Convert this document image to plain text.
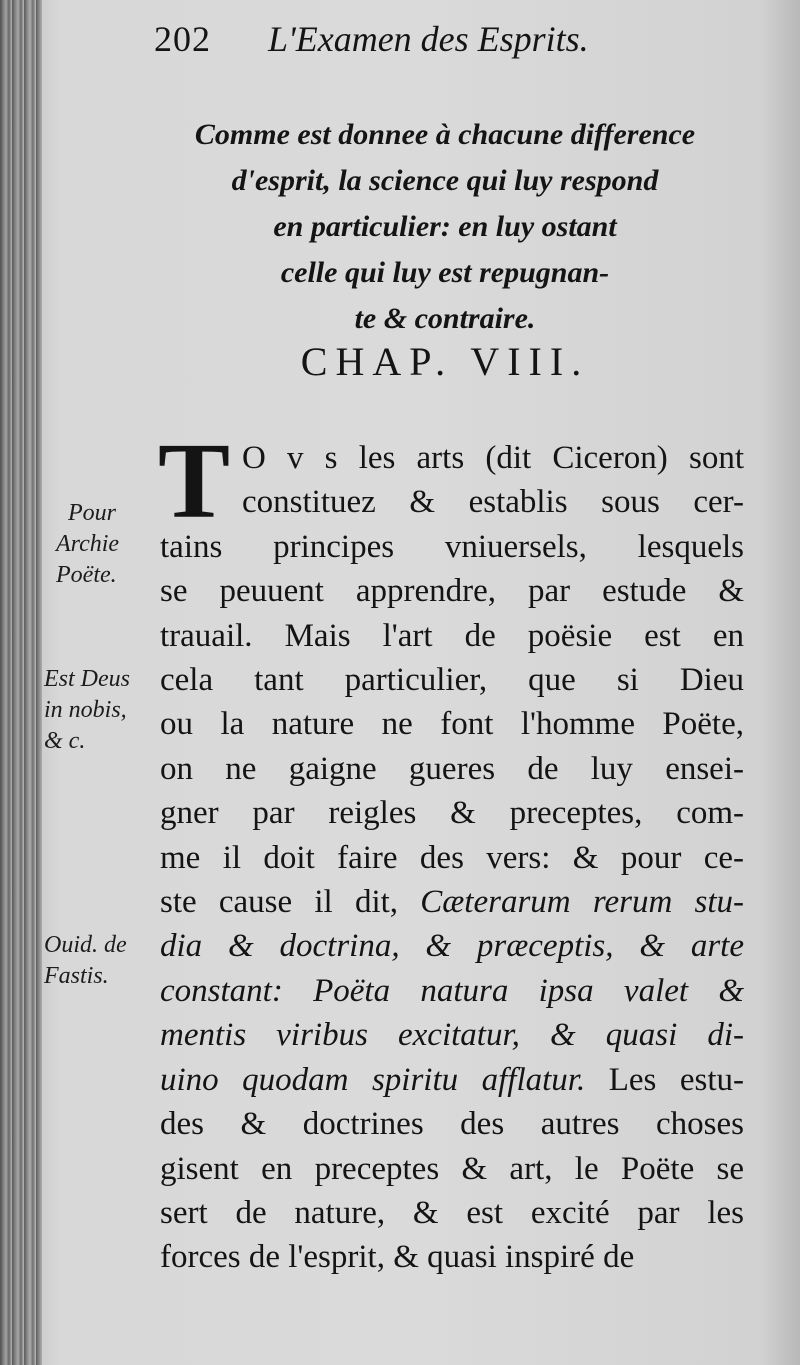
202 L'Examen des Esprits.
Comme est donnee à chacune difference
d'esprit, la science qui luy respond
en particulier: en luy ostant
celle qui luy est repugnan-
te & contraire.
CHAP. VIII.
T O v s les arts (dit Ciceron) sont
constituez & establis sous cer-
tains principes vniuersels, lesquels
se peuuent apprendre, par estude &
trauail. Mais l'art de poësie est en
cela tant particulier, que si Dieu
ou la nature ne font l'homme Poëte,
on ne gaigne gueres de luy ensei-
gner par reigles & preceptes, com-
me il doit faire des vers: & pour ce-
ste cause il dit, Cæterarum rerum stu-
dia & doctrina, & præceptis, & arte
constant: Poëta natura ipsa valet &
mentis viribus excitatur, & quasi di-
uino quodam spiritu afflatur. Les estu-
des & doctrines des autres choses
gisent en preceptes & art, le Poëte se
sert de nature, & est excité par les
forces de l'esprit, & quasi inspiré de
Pour
Archie
Poëte.
Est Deus
in nobis,
& c.
Ouid. de
Fastis.
